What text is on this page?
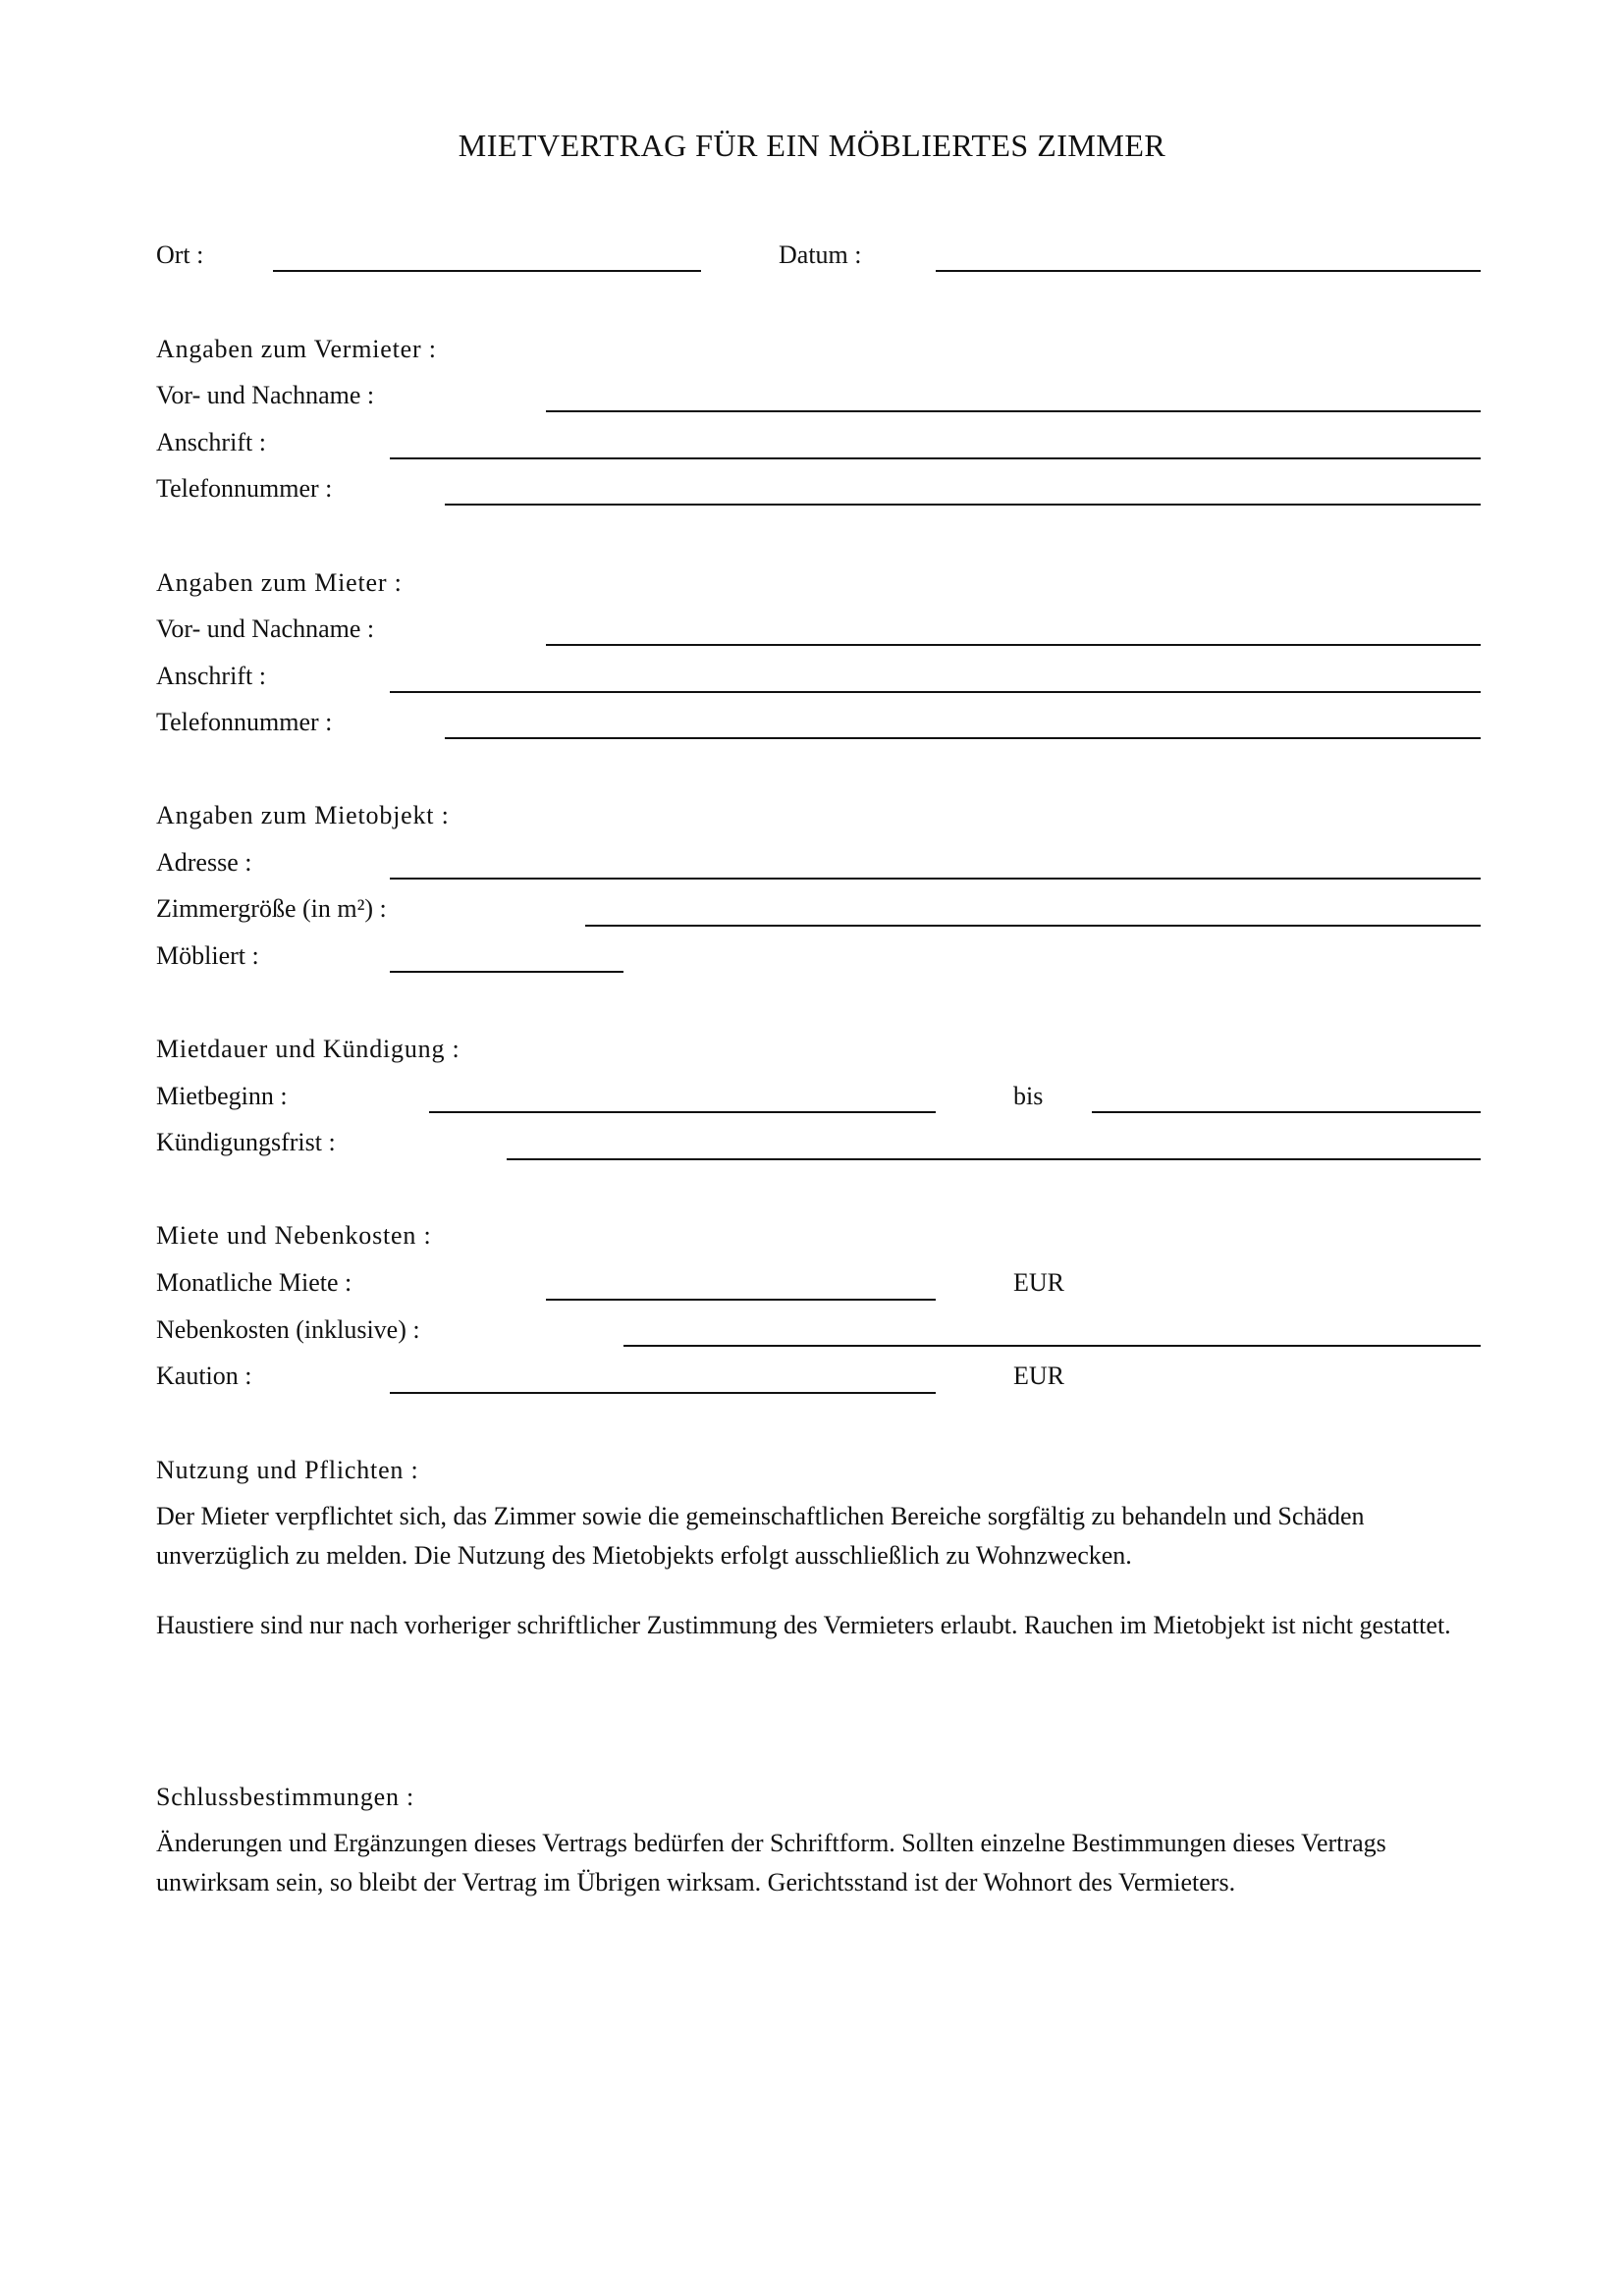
MIETVERTRAG FÜR EIN MÖBLIERTES ZIMMER
Ort :	Datum :
Angaben zum Vermieter :
Vor- und Nachname :
Anschrift :
Telefonnummer :
Angaben zum Mieter :
Vor- und Nachname :
Anschrift :
Telefonnummer :
Angaben zum Mietobjekt :
Adresse :
Zimmergröße (in m²) :
Möbliert :
Mietdauer und Kündigung :
Mietbeginn :	bis
Kündigungsfrist :
Miete und Nebenkosten :
Monatliche Miete :	EUR
Nebenkosten (inklusive) :
Kaution :	EUR
Nutzung und Pflichten :
Der Mieter verpflichtet sich, das Zimmer sowie die gemeinschaftlichen Bereiche sorgfältig zu behandeln und Schäden unverzüglich zu melden. Die Nutzung des Mietobjekts erfolgt ausschließlich zu Wohnzwecken.
Haustiere sind nur nach vorheriger schriftlicher Zustimmung des Vermieters erlaubt. Rauchen im Mietobjekt ist nicht gestattet.
Schlussbestimmungen :
Änderungen und Ergänzungen dieses Vertrags bedürfen der Schriftform. Sollten einzelne Bestimmungen dieses Vertrags unwirksam sein, so bleibt der Vertrag im Übrigen wirksam. Gerichtsstand ist der Wohnort des Vermieters.
